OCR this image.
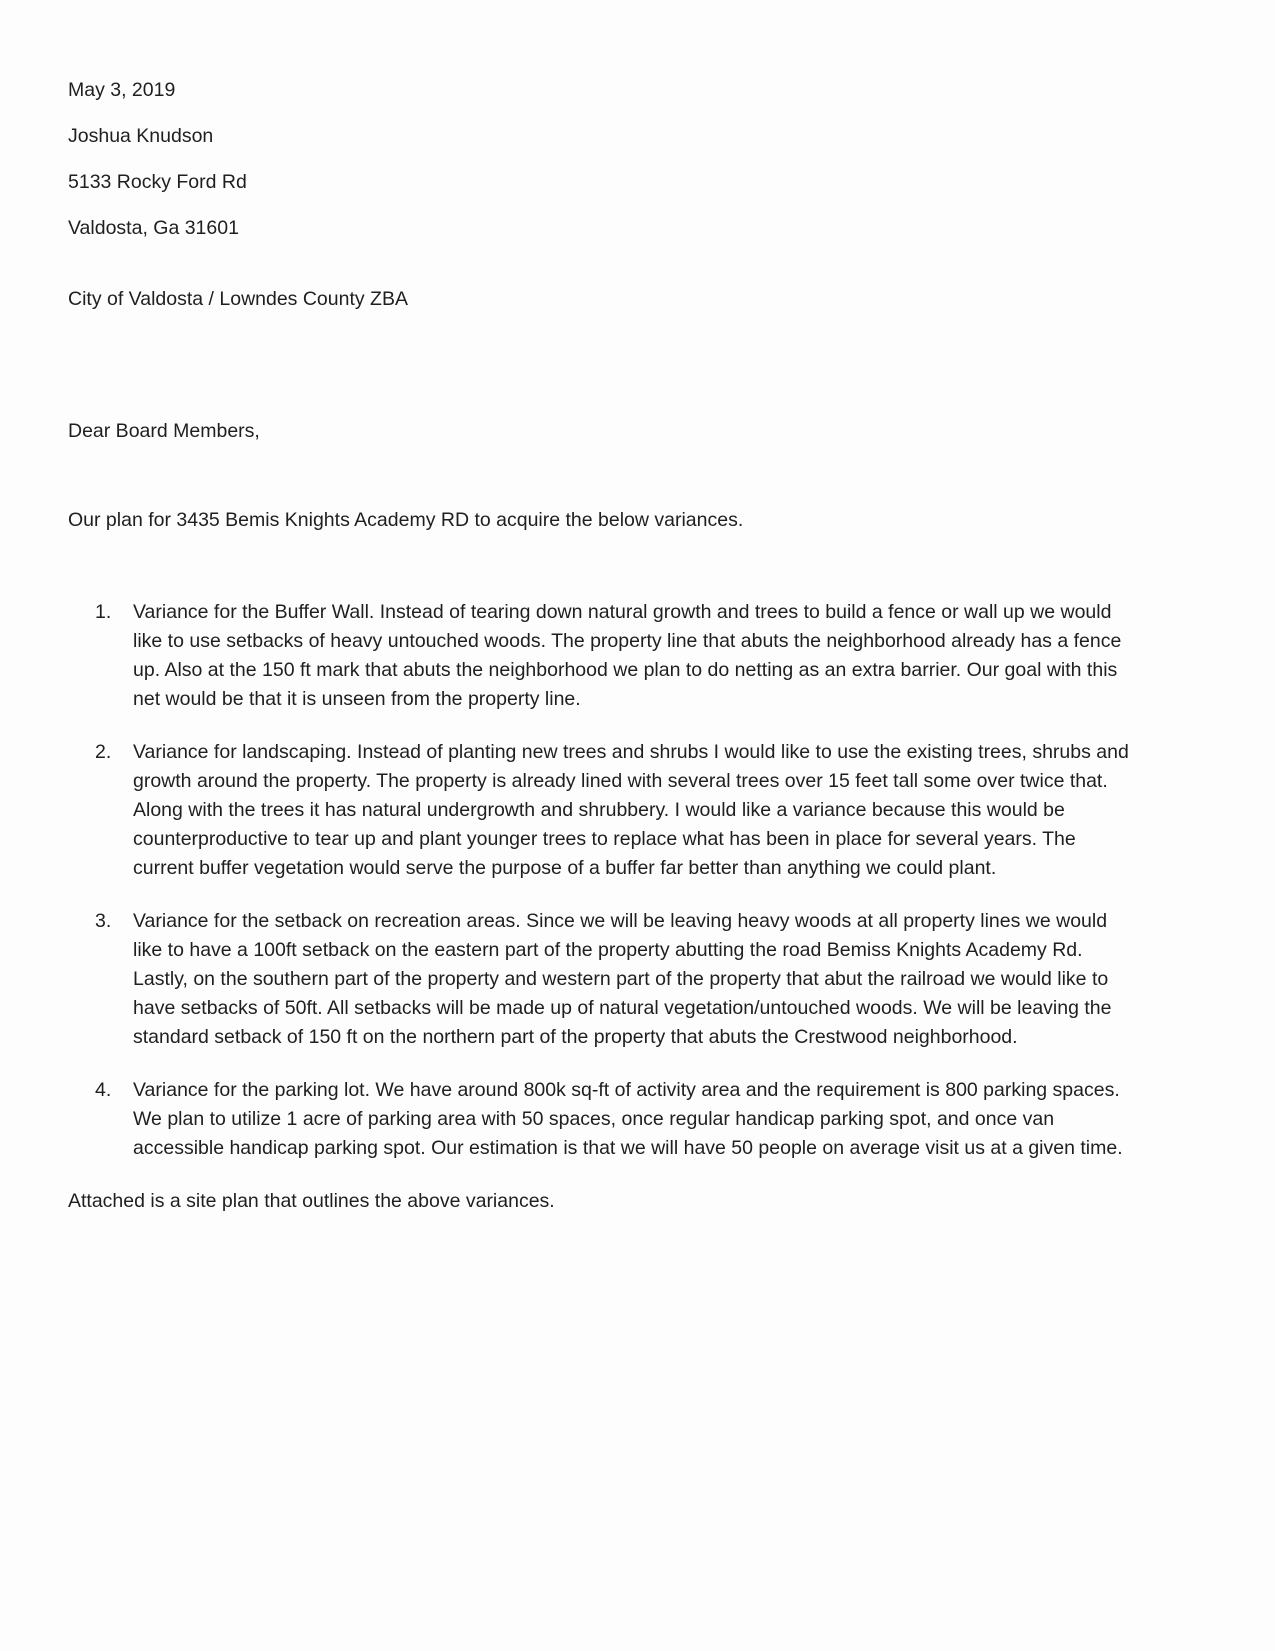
May 3, 2019

Joshua Knudson

5133 Rocky Ford Rd

Valdosta, Ga 31601

City of Valdosta / Lowndes County ZBA

Dear Board Members,

Our plan for 3435 Bemis Knights Academy RD to acquire the below variances.

1.	Variance for the Buffer Wall. Instead of tearing down natural growth and trees to build a fence or wall up we would like to use setbacks of heavy untouched woods. The property line that abuts the neighborhood already has a fence up. Also at the 150 ft mark that abuts the neighborhood we plan to do netting as an extra barrier. Our goal with this net would be that it is unseen from the property line.
2.	Variance for landscaping. Instead of planting new trees and shrubs I would like to use the existing trees, shrubs and growth around the property. The property is already lined with several trees over 15 feet tall some over twice that. Along with the trees it has natural undergrowth and shrubbery. I would like a variance because this would be counterproductive to tear up and plant younger trees to replace what has been in place for several years. The current buffer vegetation would serve the purpose of a buffer far better than anything we could plant.
3.	Variance for the setback on recreation areas. Since we will be leaving heavy woods at all property lines we would like to have a 100ft setback on the eastern part of the property abutting the road Bemiss Knights Academy Rd. Lastly, on the southern part of the property and western part of the property that abut the railroad we would like to have setbacks of 50ft. All setbacks will be made up of natural vegetation/untouched woods. We will be leaving the standard setback of 150 ft on the northern part of the property that abuts the Crestwood neighborhood.
4.	Variance for the parking lot. We have around 800k sq-ft of activity area and the requirement is 800 parking spaces. We plan to utilize 1 acre of parking area with 50 spaces, once regular handicap parking spot, and once van accessible handicap parking spot. Our estimation is that we will have 50 people on average visit us at a given time.

Attached is a site plan that outlines the above variances.
